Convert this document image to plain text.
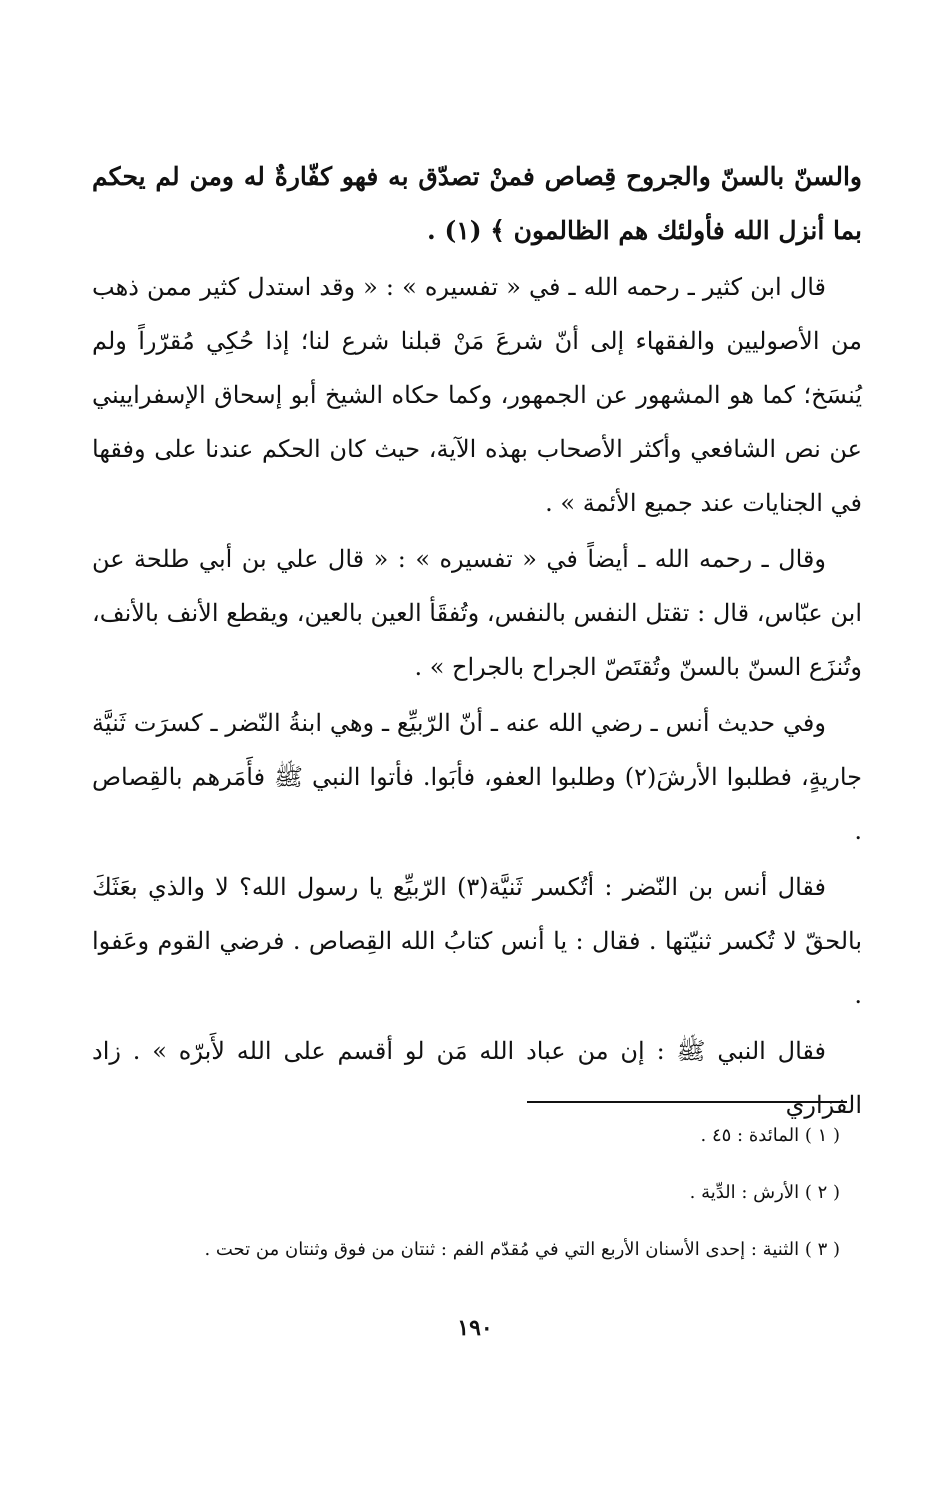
والسنّ بالسنّ والجروح قِصاص فمنْ تصدّق به فهو كفّارةٌ له ومن لم يحكم بما أنزل الله فأولئك هم الظالمون ﴾ (١) .

قال ابن كثير ـ رحمه الله ـ في « تفسيره » : « وقد استدل كثير ممن ذهب من الأصوليين والفقهاء إلى أنّ شرعَ مَنْ قبلنا شرع لنا؛ إذا حُكِي مُقرّراً ولم يُنسَخ؛ كما هو المشهور عن الجمهور، وكما حكاه الشيخ أبو إسحاق الإسفراييني عن نص الشافعي وأكثر الأصحاب بهذه الآية، حيث كان الحكم عندنا على وفقها في الجنايات عند جميع الأئمة » .

وقال ـ رحمه الله ـ أيضاً في « تفسيره » : « قال علي بن أبي طلحة عن ابن عبّاس، قال : تقتل النفس بالنفس، وتُفقَأ العين بالعين، ويقطع الأنف بالأنف، وتُنزَع السنّ بالسنّ وتُقتَصّ الجراح بالجراح » .

وفي حديث أنس ـ رضي الله عنه ـ أنّ الرّبيِّع ـ وهي ابنةُ النّضر ـ كسرَت ثَنيَّة جاريةٍ، فطلبوا الأرشَ(٢) وطلبوا العفو، فأبَوا. فأتوا النبي ﷺ فأَمَرهم بالقِصاص .

فقال أنس بن النّضر : أتُكسر ثَنيَّة(٣) الرّبيِّع يا رسول الله؟ لا والذي بعَثَكَ بالحقّ لا تُكسر ثنيّتها . فقال : يا أنس كتابُ الله القِصاص . فرضي القوم وعَفوا .

فقال النبي ﷺ : إن من عباد الله مَن لو أقسم على الله لأَبرّه » . زاد الفزاري

( ١ ) المائدة : ٤٥ .

( ٢ ) الأرش : الدِّية .

( ٣ ) الثنية : إحدى الأسنان الأربع التي في مُقدّم الفم : ثنتان من فوق وثنتان من تحت .

١٩٠
